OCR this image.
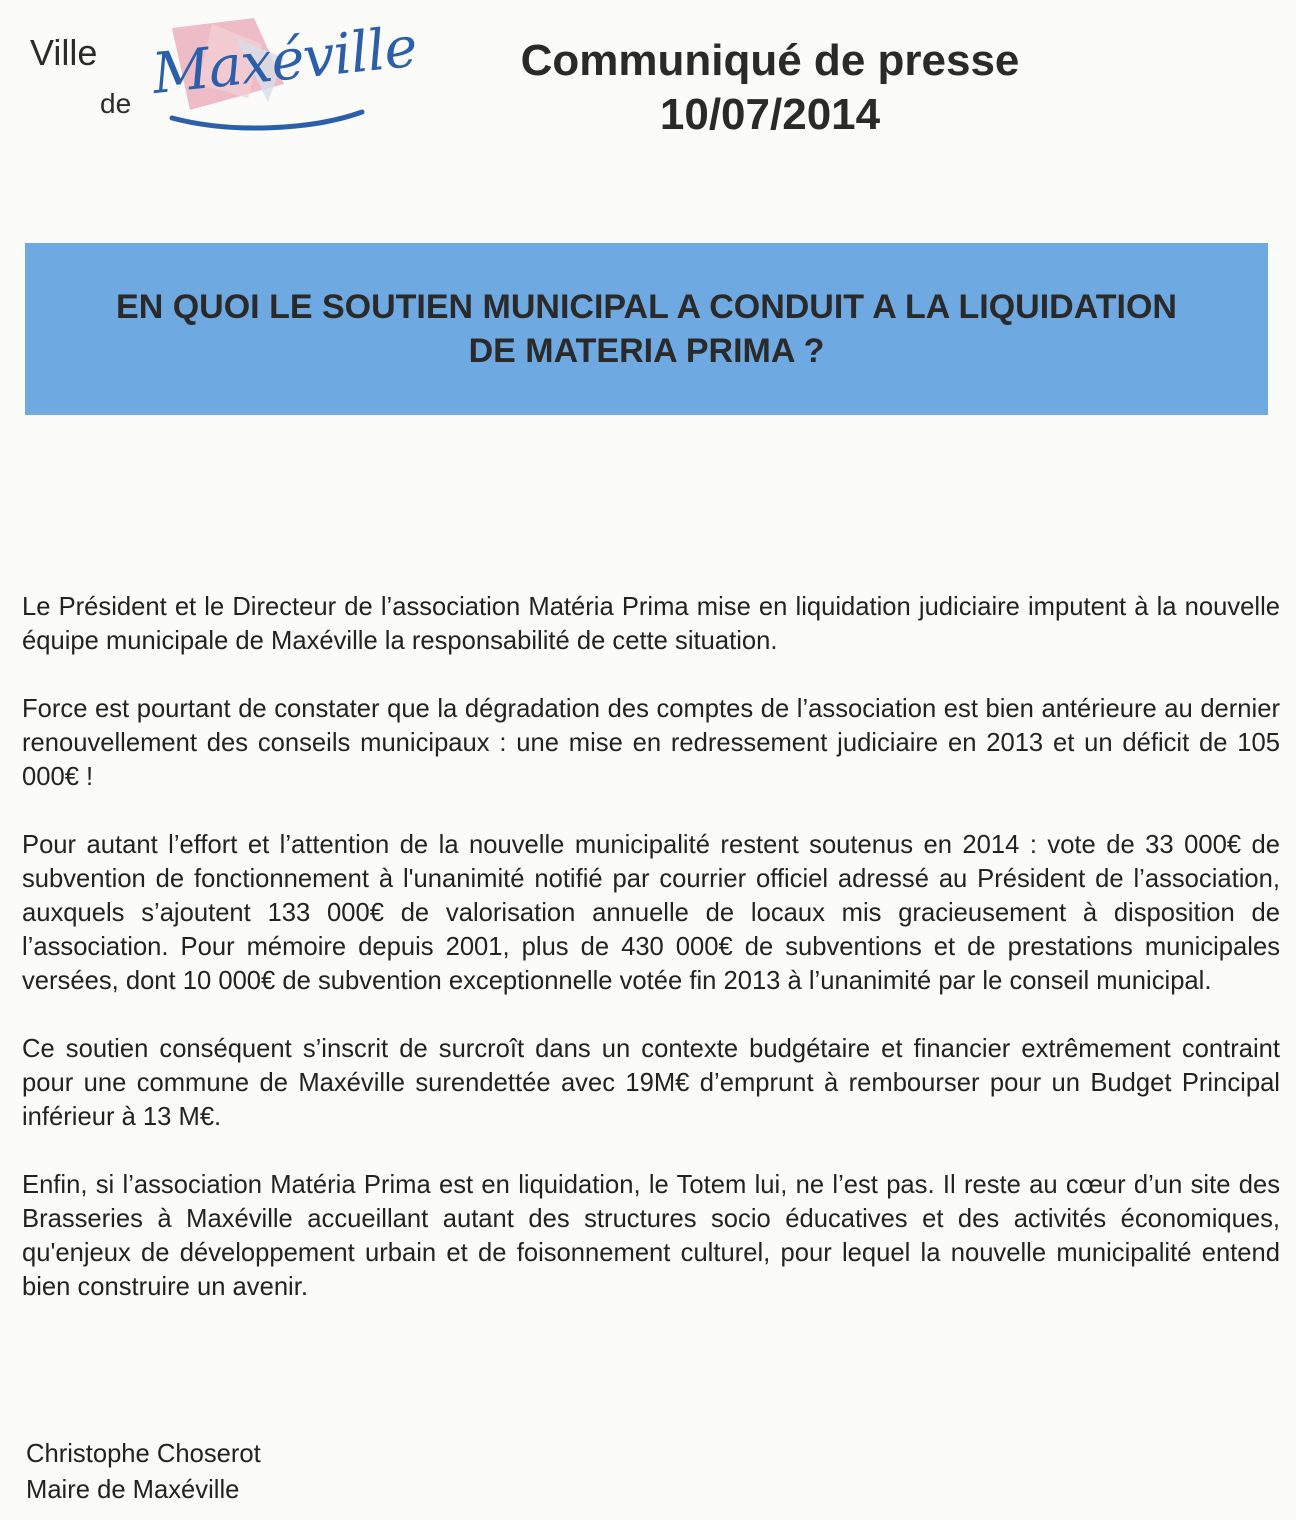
Ville
de Maxéville	Communiqué de presse
10/07/2014
EN QUOI LE SOUTIEN MUNICIPAL A CONDUIT A LA LIQUIDATION
DE MATERIA PRIMA ?

Le Président et le Directeur de l’association Matéria Prima mise en liquidation judiciaire imputent à la nouvelle équipe municipale de Maxéville la responsabilité de cette situation.

Force est pourtant de constater que la dégradation des comptes de l’association est bien antérieure au dernier renouvellement des conseils municipaux : une mise en redressement judiciaire en 2013 et un déficit de 105 000€ !

Pour autant l’effort et l’attention de la nouvelle municipalité restent soutenus en 2014 : vote de 33 000€ de subvention de fonctionnement à l'unanimité notifié par courrier officiel adressé au Président de l’association, auxquels s’ajoutent 133 000€ de valorisation annuelle de locaux mis gracieusement à disposition de l’association. Pour mémoire depuis 2001, plus de 430 000€ de subventions et de prestations municipales versées, dont 10 000€ de subvention exceptionnelle votée fin 2013 à l’unanimité par le conseil municipal.

Ce soutien conséquent s’inscrit de surcroît dans un contexte budgétaire et financier extrêmement contraint pour une commune de Maxéville surendettée avec 19M€ d’emprunt à rembourser pour un Budget Principal inférieur à 13 M€.

Enfin, si l’association Matéria Prima est en liquidation, le Totem lui, ne l’est pas. Il reste au cœur d’un site des Brasseries à Maxéville accueillant autant des structures socio éducatives et des activités économiques, qu'enjeux de développement urbain et de foisonnement culturel, pour lequel la nouvelle municipalité entend bien construire un avenir.

Christophe Choserot
Maire de Maxéville
